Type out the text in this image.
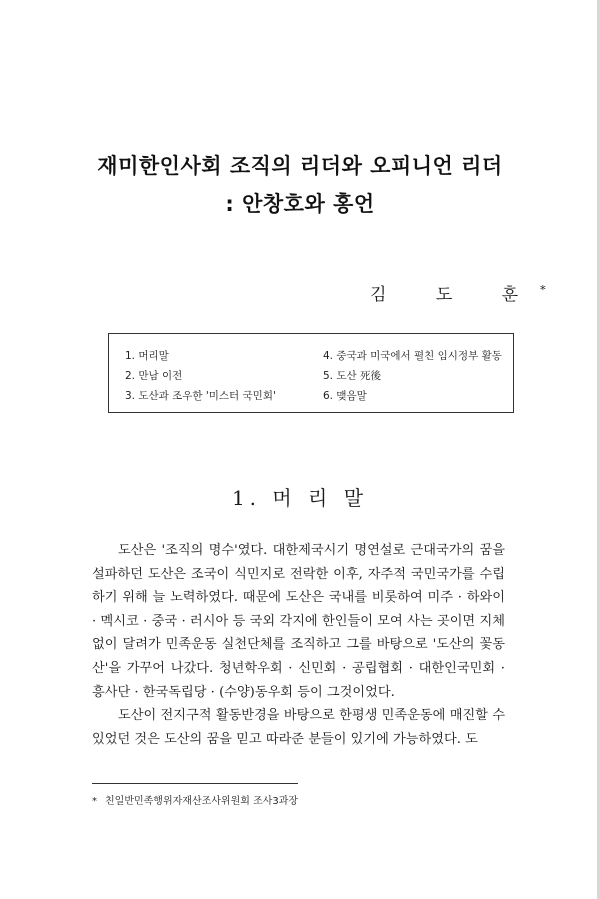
재미한인사회 조직의 리더와 오피니언 리더
: 안창호와 홍언
김 도 훈*
1. 머리말
2. 만남 이전
3. 도산과 조우한 '미스터 국민회'
4. 중국과 미국에서 펼친 임시정부 활동
5. 도산 死後
6. 맺음말
1. 머 리 말

도산은 '조직의 명수'였다. 대한제국시기 명연설로 근대국가의 꿈을 설파하던 도산은 조국이 식민지로 전락한 이후, 자주적 국민국가를 수립하기 위해 늘 노력하였다. 때문에 도산은 국내를 비롯하여 미주 · 하와이 · 멕시코 · 중국 · 러시아 등 국외 각지에 한인들이 모여 사는 곳이면 지체없이 달려가 민족운동 실천단체를 조직하고 그를 바탕으로 '도산의 꽃동산'을 가꾸어 나갔다. 청년학우회 · 신민회 · 공립협회 · 대한인국민회 · 흥사단 · 한국독립당 · (수양)동우회 등이 그것이었다.

도산이 전지구적 활동반경을 바탕으로 한평생 민족운동에 매진할 수 있었던 것은 도산의 꿈을 믿고 따라준 분들이 있기에 가능하였다. 도

* 친일반민족행위자재산조사위원회 조사3과장
